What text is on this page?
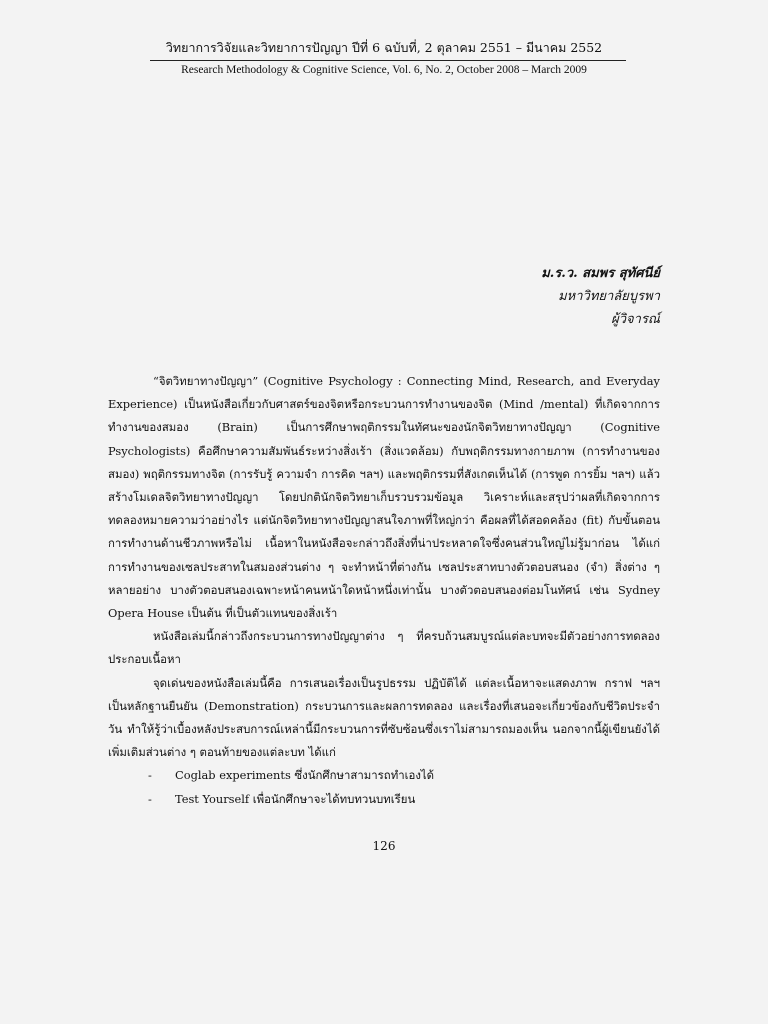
วิทยาการวิจัยและวิทยาการปัญญา ปีที่ 6 ฉบับที่, 2 ตุลาคม 2551 – มีนาคม 2552
Research Methodology & Cognitive Science, Vol. 6, No. 2, October 2008 – March 2009
ม.ร.ว. สมพร สุทัศนีย์
มหาวิทยาลัยบูรพา
ผู้วิจารณ์

“จิตวิทยาทางปัญญา” (Cognitive Psychology : Connecting Mind, Research, and Everyday Experience) เป็นหนังสือเกี่ยวกับศาสตร์ของจิตหรือกระบวนการทำงานของจิต (Mind /mental) ที่เกิดจากการทำงานของสมอง (Brain) เป็นการศึกษาพฤติกรรมในทัศนะของนักจิตวิทยาทางปัญญา (Cognitive Psychologists) คือศึกษาความสัมพันธ์ระหว่างสิ่งเร้า (สิ่งแวดล้อม) กับพฤติกรรมทางกายภาพ (การทำงานของสมอง) พฤติกรรมทางจิต (การรับรู้ ความจำ การคิด ฯลฯ) และพฤติกรรมที่สังเกตเห็นได้ (การพูด การยิ้ม ฯลฯ) แล้วสร้างโมเดลจิตวิทยาทางปัญญา โดยปกตินักจิตวิทยาเก็บรวบรวมข้อมูล วิเคราะห์และสรุปว่าผลที่เกิดจากการทดลองหมายความว่าอย่างไร แต่นักจิตวิทยาทางปัญญาสนใจภาพที่ใหญ่กว่า คือผลที่ได้สอดคล้อง (fit) กับขั้นตอนการทำงานด้านชีวภาพหรือไม่ เนื้อหาในหนังสือจะกล่าวถึงสิ่งที่น่าประหลาดใจซึ่งคนส่วนใหญ่ไม่รู้มาก่อน ได้แก่ การทำงานของเซลประสาทในสมองส่วนต่าง ๆ จะทำหน้าที่ต่างกัน เซลประสาทบางตัวตอบสนอง (จำ) สิ่งต่าง ๆ หลายอย่าง บางตัวตอบสนองเฉพาะหน้าคนหน้าใดหน้าหนึ่งเท่านั้น บางตัวตอบสนองต่อมโนทัศน์ เช่น Sydney Opera House เป็นต้น ที่เป็นตัวแทนของสิ่งเร้า

หนังสือเล่มนี้กล่าวถึงกระบวนการทางปัญญาต่าง ๆ ที่ครบถ้วนสมบูรณ์แต่ละบทจะมีตัวอย่างการทดลองประกอบเนื้อหา

จุดเด่นของหนังสือเล่มนี้คือ การเสนอเรื่องเป็นรูปธรรม ปฏิบัติได้ แต่ละเนื้อหาจะแสดงภาพ กราฟ ฯลฯ เป็นหลักฐานยืนยัน (Demonstration) กระบวนการและผลการทดลอง และเรื่องที่เสนอจะเกี่ยวข้องกับชีวิตประจำวัน ทำให้รู้ว่าเบื้องหลังประสบการณ์เหล่านี้มีกระบวนการที่ซับซ้อนซึ่งเราไม่สามารถมองเห็น นอกจากนี้ผู้เขียนยังได้เพิ่มเติมส่วนต่าง ๆ ตอนท้ายของแต่ละบท ได้แก่

- Coglab experiments ซึ่งนักศึกษาสามารถทำเองได้
- Test Yourself เพื่อนักศึกษาจะได้ทบทวนบทเรียน
126
